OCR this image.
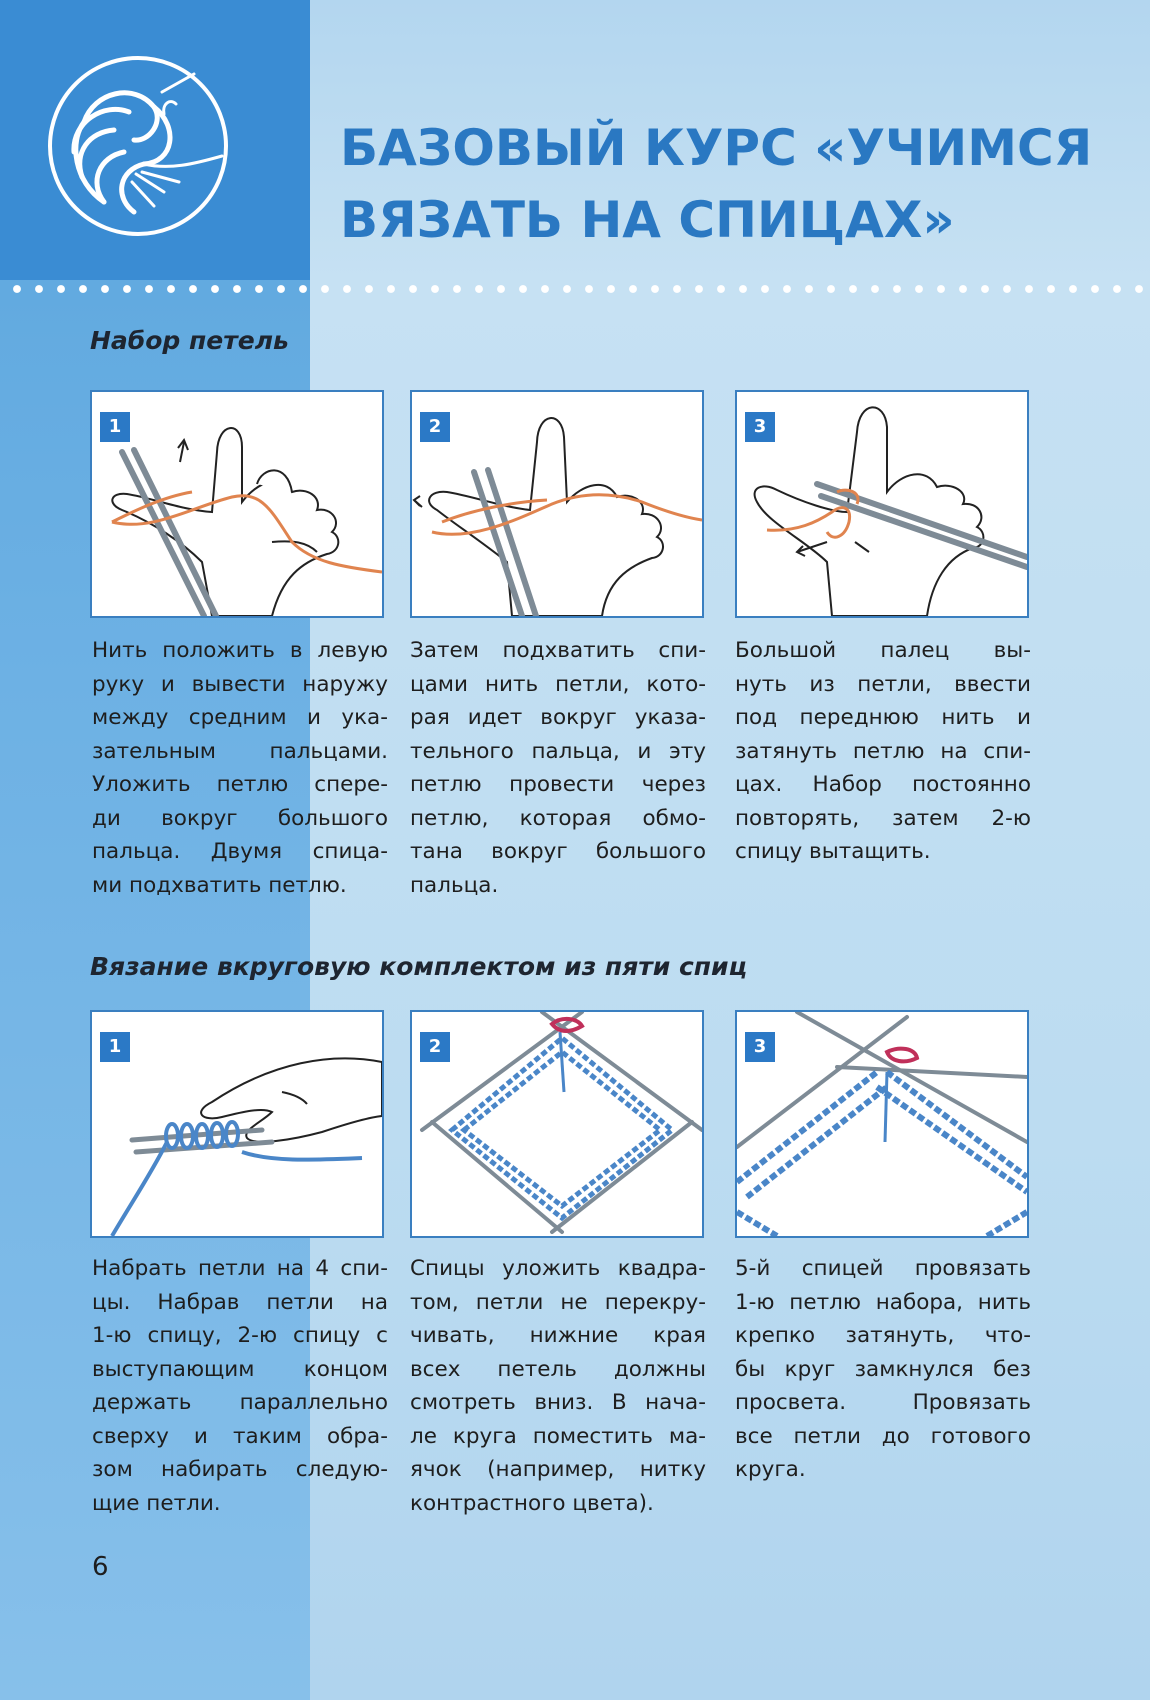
БАЗОВЫЙ КУРС «УЧИМСЯ
ВЯЗАТЬ НА СПИЦАХ»
Набор петель
1	2	3
Нить положить в левую
руку и вывести наружу
между средним и ука-
зательным пальцами.
Уложить петлю спере-
ди вокруг большого
пальца. Двумя спица-
ми подхватить петлю.
Затем подхватить спи-
цами нить петли, кото-
рая идет вокруг указа-
тельного пальца, и эту
петлю провести через
петлю, которая обмо-
тана вокруг большого
пальца.
Большой палец вы-
нуть из петли, ввести
под переднюю нить и
затянуть петлю на спи-
цах. Набор постоянно
повторять, затем 2-ю
спицу вытащить.
Вязание вкруговую комплектом из пяти спиц
1	2	3
Набрать петли на 4 спи-
цы. Набрав петли на
1-ю спицу, 2-ю спицу с
выступающим концом
держать параллельно
сверху и таким обра-
зом набирать следую-
щие петли.
Спицы уложить квадра-
том, петли не перекру-
чивать, нижние края
всех петель должны
смотреть вниз. В нача-
ле круга поместить ма-
ячок (например, нитку
контрастного цвета).
5-й спицей провязать
1-ю петлю набора, нить
крепко затянуть, что-
бы круг замкнулся без
просвета. Провязать
все петли до готового
круга.
6
